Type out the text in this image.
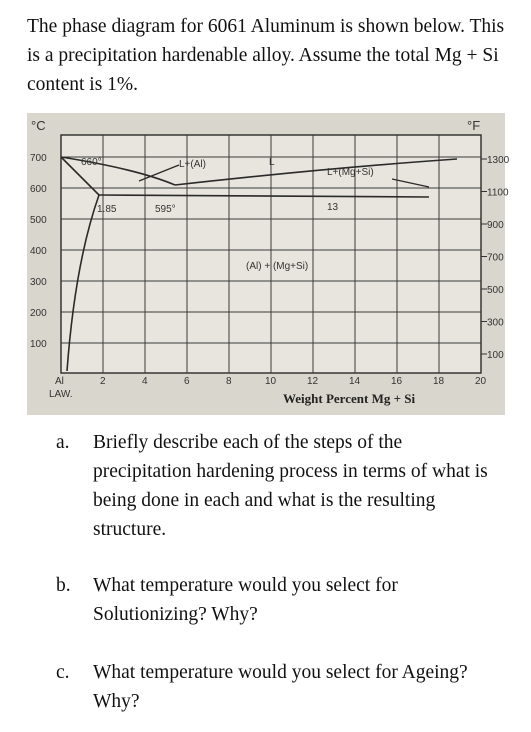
The phase diagram for 6061 Aluminum is shown below. This is a precipitation hardenable alloy. Assume the total Mg + Si content is 1%.

700
600
500
400
300
200
100
1300
1100
900
700
500
300
100
2	4	6	8	10	12	14	16	18	20
°C	°F
660°
595°
1.85	13
L+(Al)	L
L+(Mg+Si)
(Al) + (Mg+Si)
Al
LAW.	Weight Percent Mg + Si

a. Briefly describe each of the steps of the precipitation hardening process in terms of what is being done in each and what is the resulting structure.

b. What temperature would you select for Solutionizing? Why?

c. What temperature would you select for Ageing? Why?
